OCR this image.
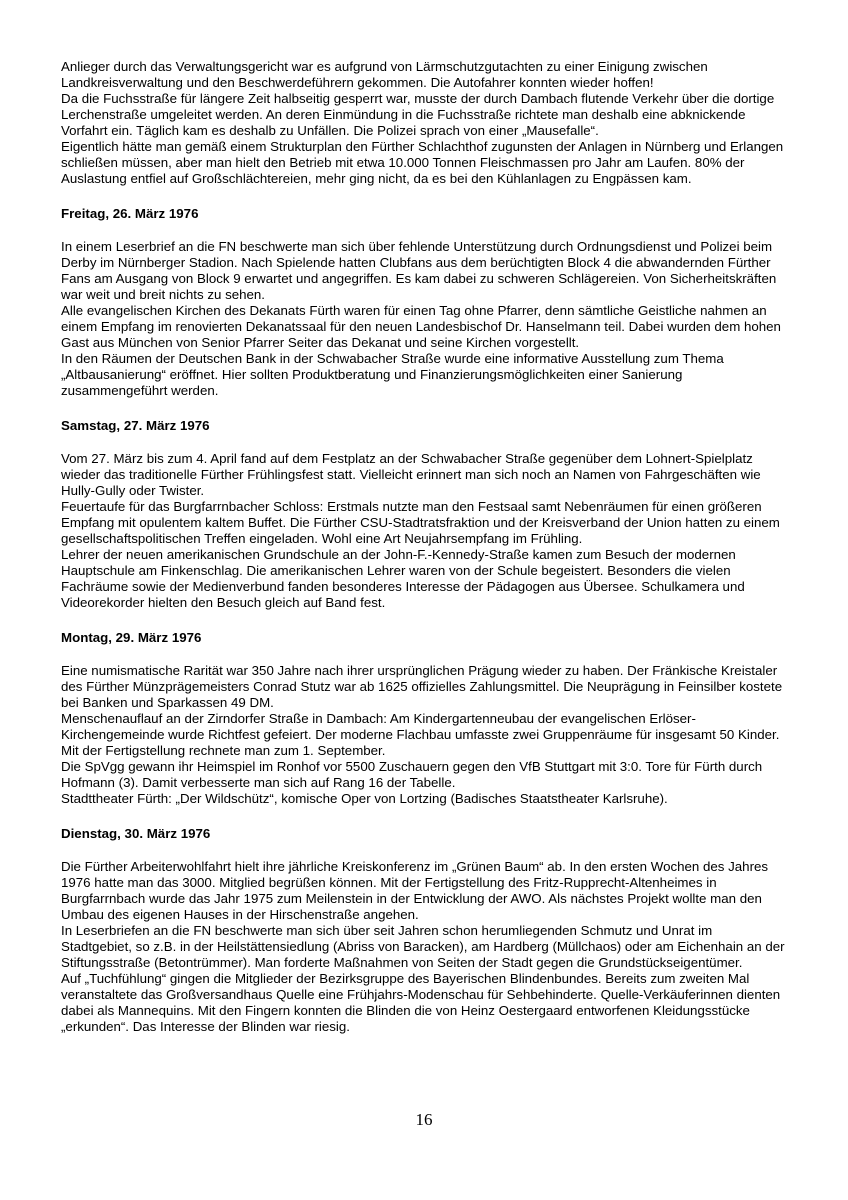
Anlieger durch das Verwaltungsgericht war es aufgrund von Lärmschutzgutachten zu einer Einigung zwischen Landkreisverwaltung und den Beschwerdeführern gekommen. Die Autofahrer konnten wieder hoffen!

Da die Fuchsstraße für längere Zeit halbseitig gesperrt war, musste der durch Dambach flutende Verkehr über die dortige Lerchenstraße umgeleitet werden. An deren Einmündung in die Fuchsstraße richtete man deshalb eine abknickende Vorfahrt ein. Täglich kam es deshalb zu Unfällen. Die Polizei sprach von einer „Mausefalle“.

Eigentlich hätte man gemäß einem Strukturplan den Fürther Schlachthof zugunsten der Anlagen in Nürnberg und Erlangen schließen müssen, aber man hielt den Betrieb mit etwa 10.000 Tonnen Fleischmassen pro Jahr am Laufen. 80% der Auslastung entfiel auf Großschlächtereien, mehr ging nicht, da es bei den Kühlanlagen zu Engpässen kam.

Freitag, 26. März 1976

In einem Leserbrief an die FN beschwerte man sich über fehlende Unterstützung durch Ordnungsdienst und Polizei beim Derby im Nürnberger Stadion. Nach Spielende hatten Clubfans aus dem berüchtigten Block 4 die abwandernden Fürther Fans am Ausgang von Block 9 erwartet und angegriffen. Es kam dabei zu schweren Schlägereien. Von Sicherheitskräften war weit und breit nichts zu sehen.

Alle evangelischen Kirchen des Dekanats Fürth waren für einen Tag ohne Pfarrer, denn sämtliche Geistliche nahmen an einem Empfang im renovierten Dekanatssaal für den neuen Landesbischof Dr. Hanselmann teil. Dabei wurden dem hohen Gast aus München von Senior Pfarrer Seiter das Dekanat und seine Kirchen vorgestellt.

In den Räumen der Deutschen Bank in der Schwabacher Straße wurde eine informative Ausstellung zum Thema „Altbausanierung“ eröffnet. Hier sollten Produktberatung und Finanzierungsmöglichkeiten einer Sanierung zusammengeführt werden.

Samstag, 27. März 1976

Vom 27. März bis zum 4. April fand auf dem Festplatz an der Schwabacher Straße gegenüber dem Lohnert-Spielplatz wieder das traditionelle Fürther Frühlingsfest statt. Vielleicht erinnert man sich noch an Namen von Fahrgeschäften wie Hully-Gully oder Twister.

Feuertaufe für das Burgfarrnbacher Schloss: Erstmals nutzte man den Festsaal samt Nebenräumen für einen größeren Empfang mit opulentem kaltem Buffet. Die Fürther CSU-Stadtratsfraktion und der Kreisverband der Union hatten zu einem gesellschaftspolitischen Treffen eingeladen. Wohl eine Art Neujahrsempfang im Frühling.

Lehrer der neuen amerikanischen Grundschule an der John-F.-Kennedy-Straße kamen zum Besuch der modernen Hauptschule am Finkenschlag. Die amerikanischen Lehrer waren von der Schule begeistert. Besonders die vielen Fachräume sowie der Medienverbund fanden besonderes Interesse der Pädagogen aus Übersee. Schulkamera und Videorekorder hielten den Besuch gleich auf Band fest.

Montag, 29. März 1976

Eine numismatische Rarität war 350 Jahre nach ihrer ursprünglichen Prägung wieder zu haben. Der Fränkische Kreistaler des Fürther Münzprägemeisters Conrad Stutz war ab 1625 offizielles Zahlungsmittel. Die Neuprägung in Feinsilber kostete bei Banken und Sparkassen 49 DM.

Menschenauflauf an der Zirndorfer Straße in Dambach: Am Kindergartenneubau der evangelischen Erlöser-Kirchengemeinde wurde Richtfest gefeiert. Der moderne Flachbau umfasste zwei Gruppenräume für insgesamt 50 Kinder. Mit der Fertigstellung rechnete man zum 1. September.

Die SpVgg gewann ihr Heimspiel im Ronhof vor 5500 Zuschauern gegen den VfB Stuttgart mit 3:0. Tore für Fürth durch Hofmann (3). Damit verbesserte man sich auf Rang 16 der Tabelle.

Stadttheater Fürth: „Der Wildschütz“, komische Oper von Lortzing (Badisches Staatstheater Karlsruhe).

Dienstag, 30. März 1976

Die Fürther Arbeiterwohlfahrt hielt ihre jährliche Kreiskonferenz im „Grünen Baum“ ab. In den ersten Wochen des Jahres 1976 hatte man das 3000. Mitglied begrüßen können. Mit der Fertigstellung des Fritz-Rupprecht-Altenheimes in Burgfarrnbach wurde das Jahr 1975 zum Meilenstein in der Entwicklung der AWO. Als nächstes Projekt wollte man den Umbau des eigenen Hauses in der Hirschenstraße angehen.

In Leserbriefen an die FN beschwerte man sich über seit Jahren schon herumliegenden Schmutz und Unrat im Stadtgebiet, so z.B. in der Heilstättensiedlung (Abriss von Baracken), am Hardberg (Müllchaos) oder am Eichenhain an der Stiftungsstraße (Betontrümmer). Man forderte Maßnahmen von Seiten der Stadt gegen die Grundstückseigentümer.

Auf „Tuchfühlung“ gingen die Mitglieder der Bezirksgruppe des Bayerischen Blindenbundes. Bereits zum zweiten Mal veranstaltete das Großversandhaus Quelle eine Frühjahrs-Modenschau für Sehbehinderte. Quelle-Verkäuferinnen dienten dabei als Mannequins. Mit den Fingern konnten die Blinden die von Heinz Oestergaard entworfenen Kleidungsstücke „erkunden“. Das Interesse der Blinden war riesig.

16
